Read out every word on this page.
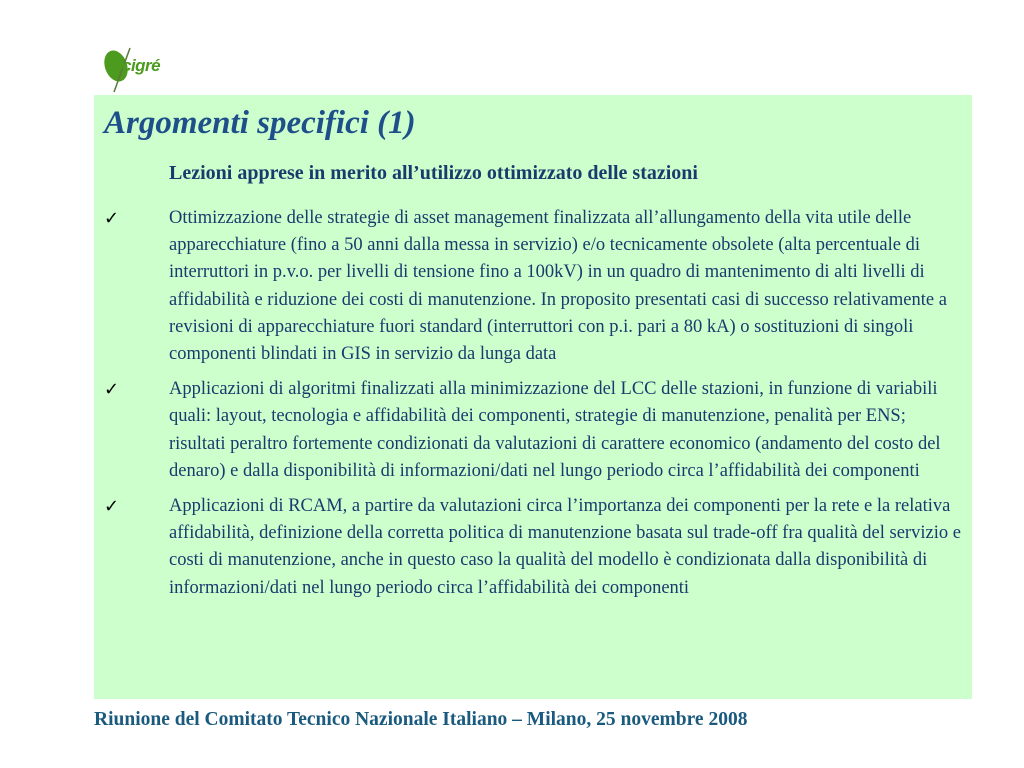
cigré
Argomenti specifici (1)
Lezioni apprese in merito all’utilizzo ottimizzato delle stazioni
✓	Ottimizzazione delle strategie di asset management finalizzata all’allungamento della vita utile delle apparecchiature (fino a 50 anni dalla messa in servizio) e/o tecnicamente obsolete (alta percentuale di interruttori in p.v.o. per livelli di tensione fino a 100kV) in un quadro di mantenimento di alti livelli di affidabilità e riduzione dei costi di manutenzione. In proposito presentati casi di successo relativamente a revisioni di apparecchiature fuori standard (interruttori con p.i. pari a 80 kA) o sostituzioni di singoli componenti blindati in GIS in servizio da lunga data
✓	Applicazioni di algoritmi finalizzati alla minimizzazione del LCC delle stazioni, in funzione di variabili quali: layout, tecnologia e affidabilità dei componenti, strategie di manutenzione, penalità per ENS; risultati peraltro fortemente condizionati da valutazioni di carattere economico (andamento del costo del denaro) e dalla disponibilità di informazioni/dati nel lungo periodo circa l’affidabilità dei componenti
✓	Applicazioni di RCAM, a partire da valutazioni circa l’importanza dei componenti per la rete e la relativa affidabilità, definizione della corretta politica di manutenzione basata sul trade-off fra qualità del servizio e costi di manutenzione, anche in questo caso la qualità del modello è condizionata dalla disponibilità di informazioni/dati nel lungo periodo circa l’affidabilità dei componenti
Riunione del Comitato Tecnico Nazionale Italiano – Milano, 25 novembre 2008
